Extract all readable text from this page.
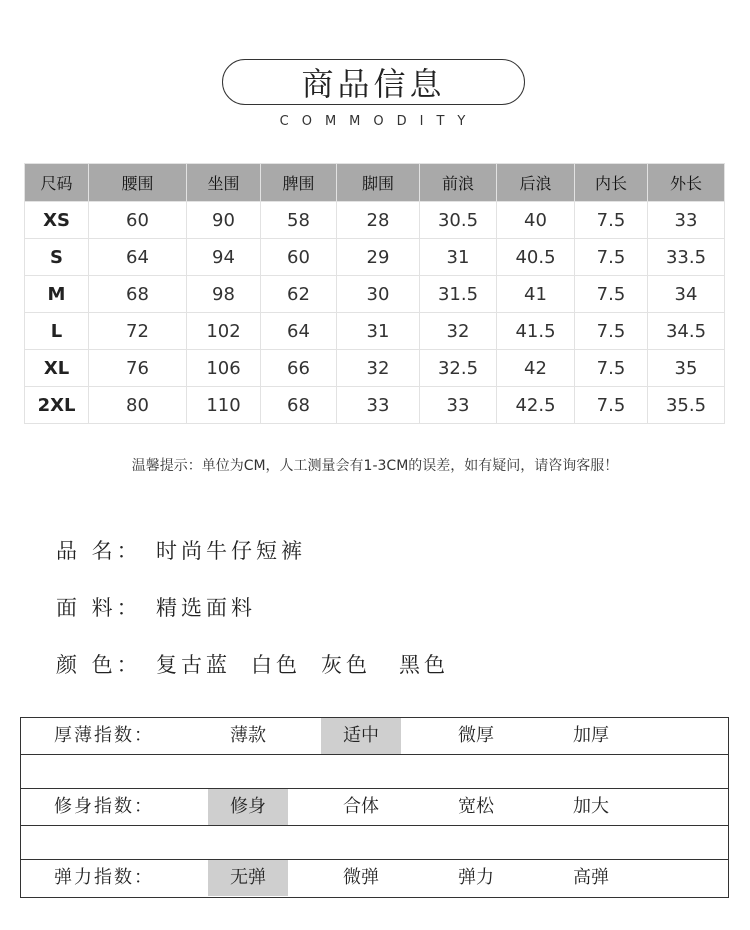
商品信息
COMMODITY
尺码	腰围	坐围	脾围	脚围	前浪	后浪	内长	外长
XS	60	90	58	28	30.5	40	7.5	33
S	64	94	60	29	31	40.5	7.5	33.5
M	68	98	62	30	31.5	41	7.5	34
L	72	102	64	31	32	41.5	7.5	34.5
XL	76	106	66	32	32.5	42	7.5	35
2XL	80	110	68	33	33	42.5	7.5	35.5
温馨提示：单位为CM，人工测量会有1-3CM的误差，如有疑问，请咨询客服！
品 名： 时尚牛仔短裤
面 料： 精选面料
颜 色： 复古蓝 白色 灰色 黑色
厚薄指数：	薄款	适中	微厚	加厚
修身指数：	修身	合体	宽松	加大
弹力指数：	无弹	微弹	弹力	高弹
